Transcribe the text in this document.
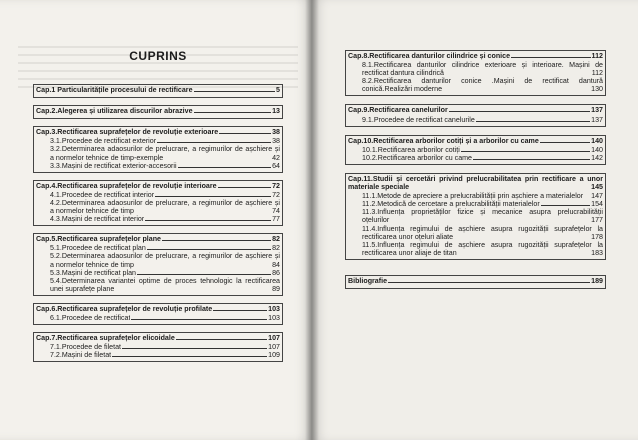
CUPRINS
Cap.1 Particularitățile procesului de rectificare	5
Cap.2.Alegerea și utilizarea discurilor abrazive	13
Cap.3.Rectificarea suprafețelor de revoluție exterioare	38
3.1.Procedee de rectificat exterior	38
3.2.Determinarea adaosurilor de prelucrare, a regimurilor de așchiere și a normelor tehnice de timp-exemple	42
3.3.Mașini de rectificat exterior-accesorii	64
Cap.4.Rectificarea suprafețelor de revoluție interioare	72
4.1.Procedee de rectificat interior	72
4.2.Determinarea adaosurilor de prelucrare, a regimurilor de așchiere și a normelor tehnice de timp	74
4.3.Mașini de rectificat interior	77
Cap.5.Rectificarea suprafețelor plane	82
5.1.Procedee de rectificat plan	82
5.2.Determinarea adaosurilor de prelucrare, a regimurilor de așchiere și a normelor tehnice de timp	84
5.3.Mașini de rectificat plan	86
5.4.Determinarea variantei optime de proces tehnologic la rectificarea unei suprafețe plane	89
Cap.6.Rectificarea suprafețelor de revoluție profilate	103
6.1.Procedee de rectificat	103
Cap.7.Rectificarea suprafețelor elicoidale	107
7.1.Procedee de filetat	107
7.2.Mașini de filetat	109
Cap.8.Rectificarea danturilor cilindrice și conice	112
8.1.Rectificarea danturilor cilindrice exterioare și interioare. Mașini de rectificat dantura cilindrică	112
8.2.Rectificarea danturilor conice .Mașini de rectificat dantură conică.Realizări moderne	130
Cap.9.Rectificarea canelurilor	137
9.1.Procedee de rectificat canelurile	137
Cap.10.Rectificarea arborilor cotiți și a arborilor cu came	140
10.1.Rectificarea arborilor cotiți	140
10.2.Rectificarea arborilor cu came	142
Cap.11.Studii și cercetări privind prelucrabilitatea prin rectificare a unor materiale speciale	145
11.1.Metode de apreciere a prelucrabilității prin așchiere a materialelor 147
11.2.Metodică de cercetare a prelucrabilității materialelor	154
11.3.Influența proprietăților fizice și mecanice asupra prelucrabilității oțelurilor	177
11.4.Influența regimului de așchiere asupra rugozității suprafețelor la rectificarea unor oțeluri aliate	178
11.5.Influența regimului de așchiere asupra rugozității suprafețelor la rectificarea unor aliaje de titan	183
Bibliografie	189
